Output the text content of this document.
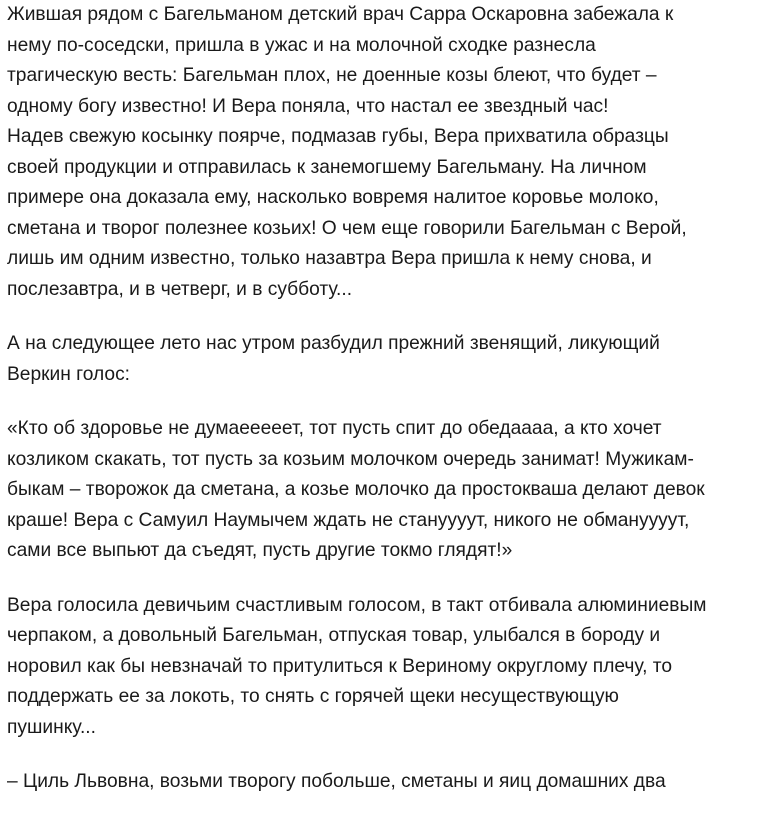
Жившая рядом с Багельманом детский врач Сарра Оскаровна забежала к
нему по-соседски, пришла в ужас и на молочной сходке разнесла
трагическую весть: Багельман плох, не доенные козы блеют, что будет –
одному богу известно! И Вера поняла, что настал ее звездный час!
Надев свежую косынку поярче, подмазав губы, Вера прихватила образцы
своей продукции и отправилась к занемогшему Багельману. На личном
примере она доказала ему, насколько вовремя налитое коровье молоко,
сметана и творог полезнее козьих! О чем еще говорили Багельман с Верой,
лишь им одним известно, только назавтра Вера пришла к нему снова, и
послезавтра, и в четверг, и в субботу...

А на следующее лето нас утром разбудил прежний звенящий, ликующий
Веркин голос:

«Кто об здоровье не думаееееет, тот пусть спит до обедаааа, а кто хочет
козликом скакать, тот пусть за козьим молочком очередь занимат! Мужикам-
быкам – творожок да сметана, а козье молочко да простокваша делают девок
краше! Вера с Самуил Наумычем ждать не стануууут, никого не обмануууут,
сами все выпьют да съедят, пусть другие токмо глядят!»

Вера голосила девичьим счастливым голосом, в такт отбивала алюминиевым
черпаком, а довольный Багельман, отпуская товар, улыбался в бороду и
норовил как бы невзначай то притулиться к Вериному округлому плечу, то
поддержать ее за локоть, то снять с горячей щеки несуществующую
пушинку...

– Циль Львовна, возьми творогу побольше, сметаны и яиц домашних два
